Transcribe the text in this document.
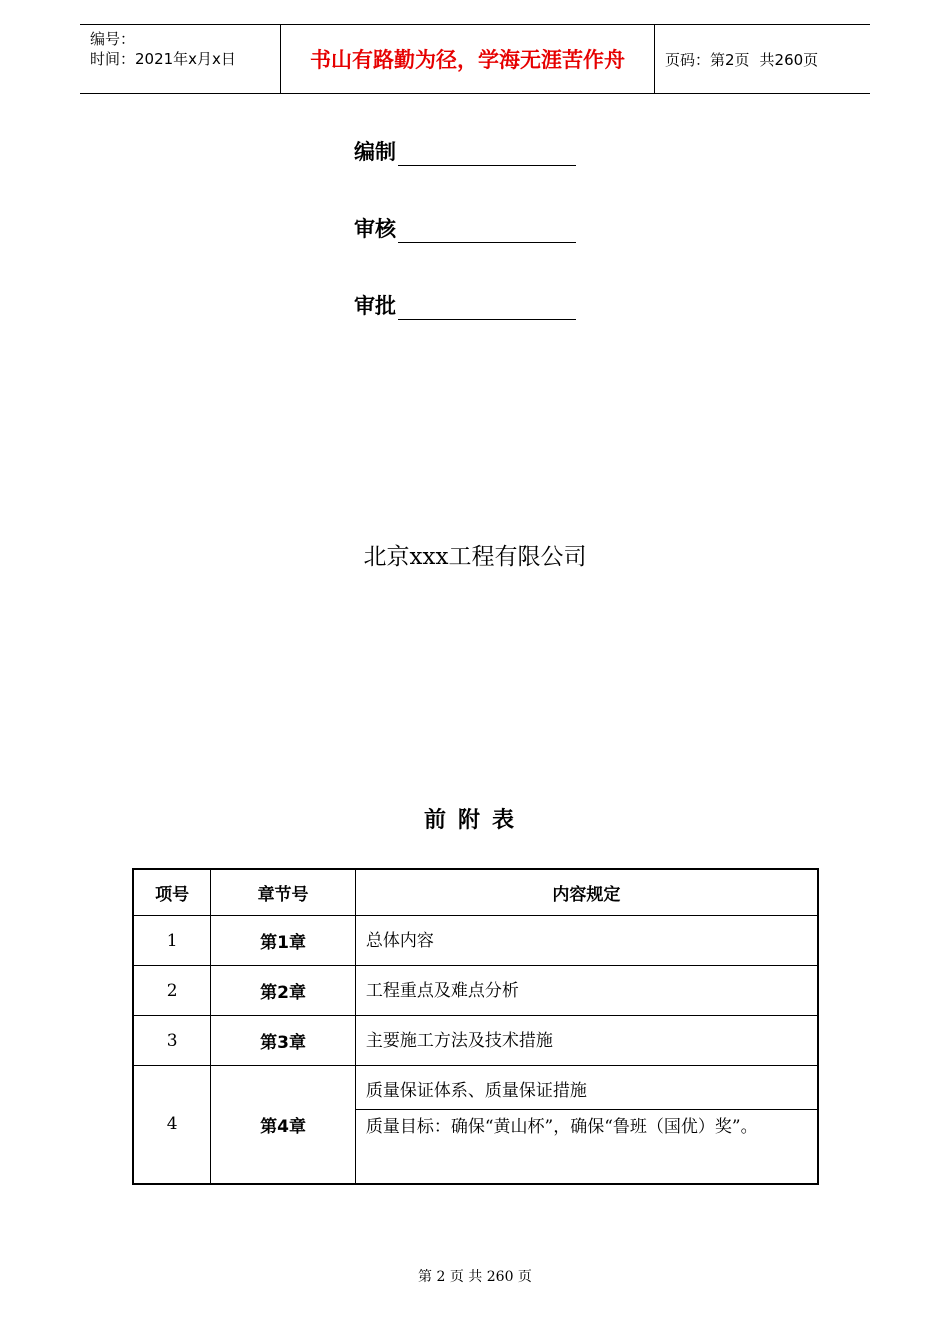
编号：
时间：2021年x月x日	书山有路勤为径，学海无涯苦作舟	页码：第2页 共260页
编制
审核
审批
北京xxx工程有限公司
前附表
项号	章节号	内容规定
1	第1章	总体内容
2	第2章	工程重点及难点分析
3	第3章	主要施工方法及技术措施
4	第4章	质量保证体系、质量保证措施
		质量目标：确保“黄山杯”，确保“鲁班（国优）奖”。
第 2 页 共 260 页
